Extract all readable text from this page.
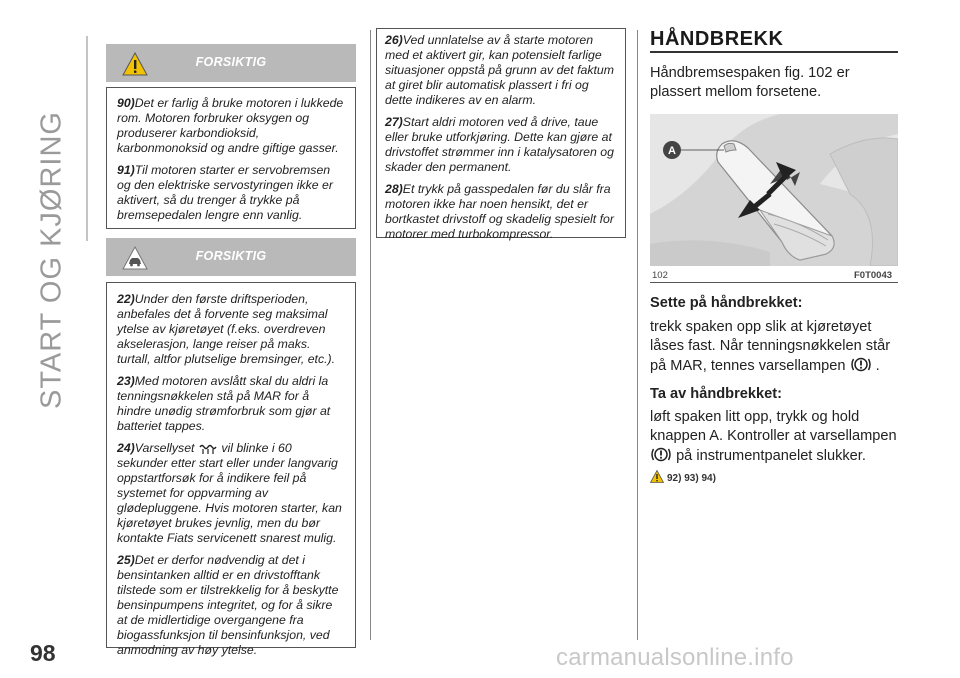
START OG KJØRING
98	carmanualsonline.info
FORSIKTIG

90)Det er farlig å bruke motoren i lukkede rom. Motoren forbruker oksygen og produserer karbondioksid, karbonmonoksid og andre giftige gasser.

91)Til motoren starter er servobremsen og den elektriske servostyringen ikke er aktivert, så du trenger å trykke på bremsepedalen lengre enn vanlig.

FORSIKTIG

22)Under den første driftsperioden, anbefales det å forvente seg maksimal ytelse av kjøretøyet (f.eks. overdreven akselerasjon, lange reiser på maks. turtall, altfor plutselige bremsinger, etc.).

23)Med motoren avslått skal du aldri la tenningsnøkkelen stå på MAR for å hindre unødig strømforbruk som gjør at batteriet tappes.

24)Varsellyset vil blinke i 60 sekunder etter start eller under langvarig oppstartforsøk for å indikere feil på systemet for oppvarming av glødepluggene. Hvis motoren starter, kan kjøretøyet brukes jevnlig, men du bør kontakte Fiats servicenett snarest mulig.

25)Det er derfor nødvendig at det i bensintanken alltid er en drivstofftank tilstede som er tilstrekkelig for å beskytte bensinpumpens integritet, og for å sikre at de midlertidige overgangene fra biogassfunksjon til bensinfunksjon, ved anmodning av høy ytelse.

26)Ved unnlatelse av å starte motoren med et aktivert gir, kan potensielt farlige situasjoner oppstå på grunn av det faktum at giret blir automatisk plassert i fri og dette indikeres av en alarm.

27)Start aldri motoren ved å drive, taue eller bruke utforkjøring. Dette kan gjøre at drivstoffet strømmer inn i katalysatoren og skader den permanent.

28)Et trykk på gasspedalen før du slår fra motoren ikke har noen hensikt, det er bortkastet drivstoff og skadelig spesielt for motorer med turbokompressor.

HÅNDBREKK
Håndbremsespaken fig. 102 er plassert mellom forsetene.
A
102	F0T0043
Sette på håndbrekket:
trekk spaken opp slik at kjøretøyet låses fast. Når tenningsnøkkelen står på MAR, tennes varsellampen .
Ta av håndbrekket:
løft spaken litt opp, trykk og hold knappen A. Kontroller at varsellampen  på instrumentpanelet slukker.
92) 93) 94)
